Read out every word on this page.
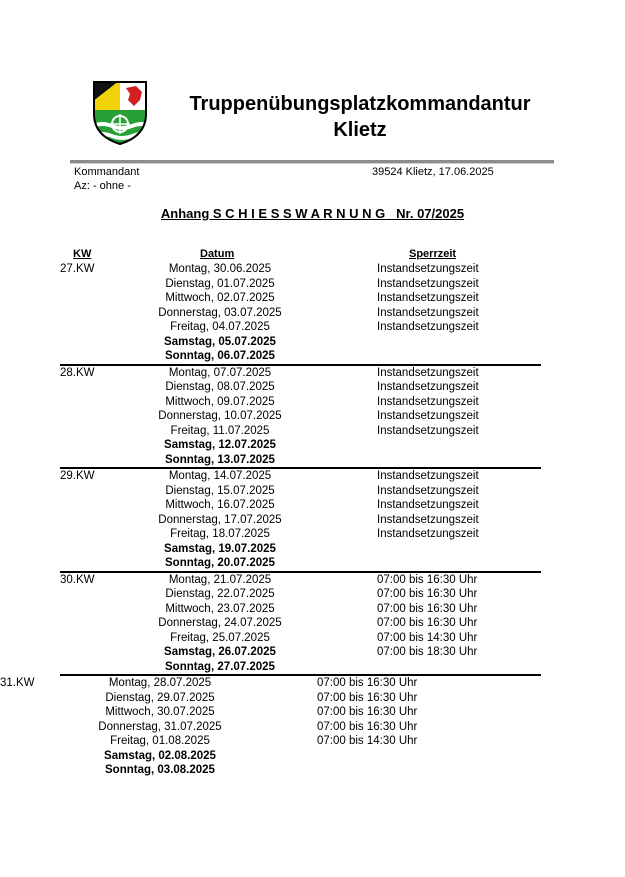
Truppenübungsplatzkommandantur
Klietz
Kommandant
Az: - ohne -
39524 Klietz, 17.06.2025
Anhang S C H I E S S W A R N U N G   Nr. 07/2025
KW	Datum	Sperrzeit
27.KW	Montag, 30.06.2025	Instandsetzungszeit
Dienstag, 01.07.2025	Instandsetzungszeit
Mittwoch, 02.07.2025	Instandsetzungszeit
Donnerstag, 03.07.2025	Instandsetzungszeit
Freitag, 04.07.2025	Instandsetzungszeit
Samstag, 05.07.2025
Sonntag, 06.07.2025
28.KW	Montag, 07.07.2025	Instandsetzungszeit
Dienstag, 08.07.2025	Instandsetzungszeit
Mittwoch, 09.07.2025	Instandsetzungszeit
Donnerstag, 10.07.2025	Instandsetzungszeit
Freitag, 11.07.2025	Instandsetzungszeit
Samstag, 12.07.2025
Sonntag, 13.07.2025
29.KW	Montag, 14.07.2025	Instandsetzungszeit
Dienstag, 15.07.2025	Instandsetzungszeit
Mittwoch, 16.07.2025	Instandsetzungszeit
Donnerstag, 17.07.2025	Instandsetzungszeit
Freitag, 18.07.2025	Instandsetzungszeit
Samstag, 19.07.2025
Sonntag, 20.07.2025
30.KW	Montag, 21.07.2025	07:00 bis 16:30 Uhr
Dienstag, 22.07.2025	07:00 bis 16:30 Uhr
Mittwoch, 23.07.2025	07:00 bis 16:30 Uhr
Donnerstag, 24.07.2025	07:00 bis 16:30 Uhr
Freitag, 25.07.2025	07:00 bis 14:30 Uhr
Samstag, 26.07.2025	07:00 bis 18:30 Uhr
Sonntag, 27.07.2025
31.KW	Montag, 28.07.2025	07:00 bis 16:30 Uhr
Dienstag, 29.07.2025	07:00 bis 16:30 Uhr
Mittwoch, 30.07.2025	07:00 bis 16:30 Uhr
Donnerstag, 31.07.2025	07:00 bis 16:30 Uhr
Freitag, 01.08.2025	07:00 bis 14:30 Uhr
Samstag, 02.08.2025
Sonntag, 03.08.2025
